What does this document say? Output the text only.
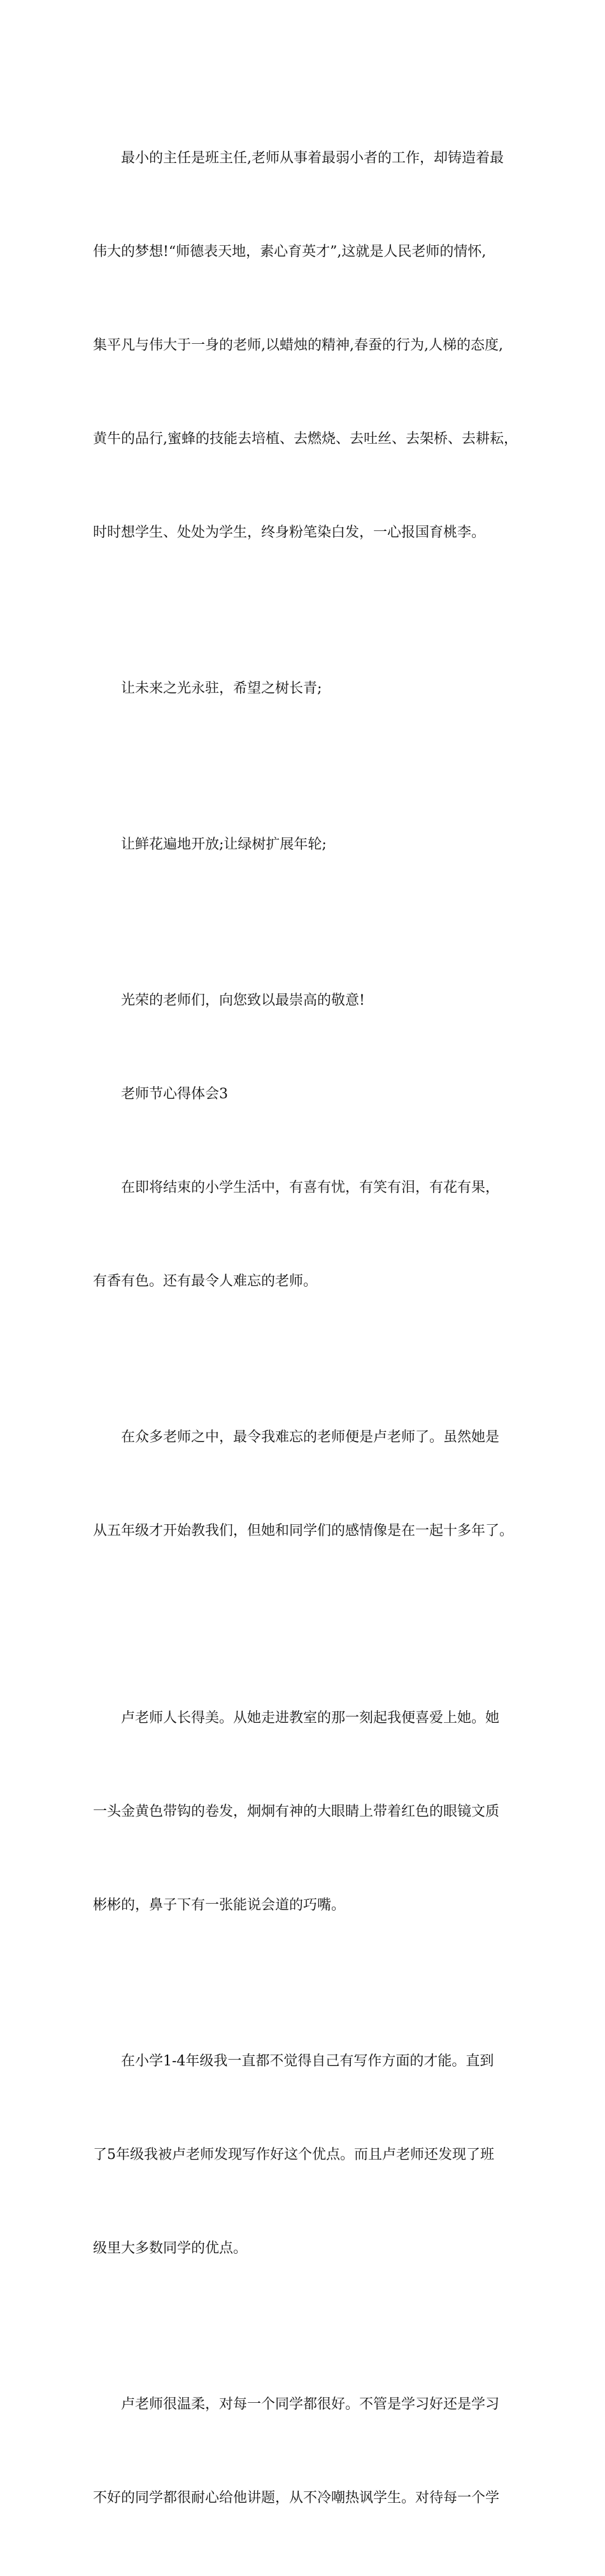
最小的主任是班主任,老师从事着最弱小者的工作，却铸造着最

伟大的梦想!“师德表天地，素心育英才”,这就是人民老师的情怀,

集平凡与伟大于一身的老师,以蜡烛的精神,春蚕的行为,人梯的态度,

黄牛的品行,蜜蜂的技能去培植、去燃烧、去吐丝、去架桥、去耕耘，

时时想学生、处处为学生，终身粉笔染白发，一心报国育桃李。

让未来之光永驻，希望之树长青;

让鲜花遍地开放;让绿树扩展年轮;

光荣的老师们，向您致以最崇高的敬意!

老师节心得体会3

在即将结束的小学生活中，有喜有忧，有笑有泪，有花有果，

有香有色。还有最令人难忘的老师。

在众多老师之中，最令我难忘的老师便是卢老师了。虽然她是

从五年级才开始教我们，但她和同学们的感情像是在一起十多年了。

卢老师人长得美。从她走进教室的那一刻起我便喜爱上她。她

一头金黄色带钩的卷发，炯炯有神的大眼睛上带着红色的眼镜文质

彬彬的，鼻子下有一张能说会道的巧嘴。

在小学1-4年级我一直都不觉得自己有写作方面的才能。直到

了5年级我被卢老师发现写作好这个优点。而且卢老师还发现了班

级里大多数同学的优点。

卢老师很温柔，对每一个同学都很好。不管是学习好还是学习

不好的同学都很耐心给他讲题，从不冷嘲热讽学生。对待每一个学
